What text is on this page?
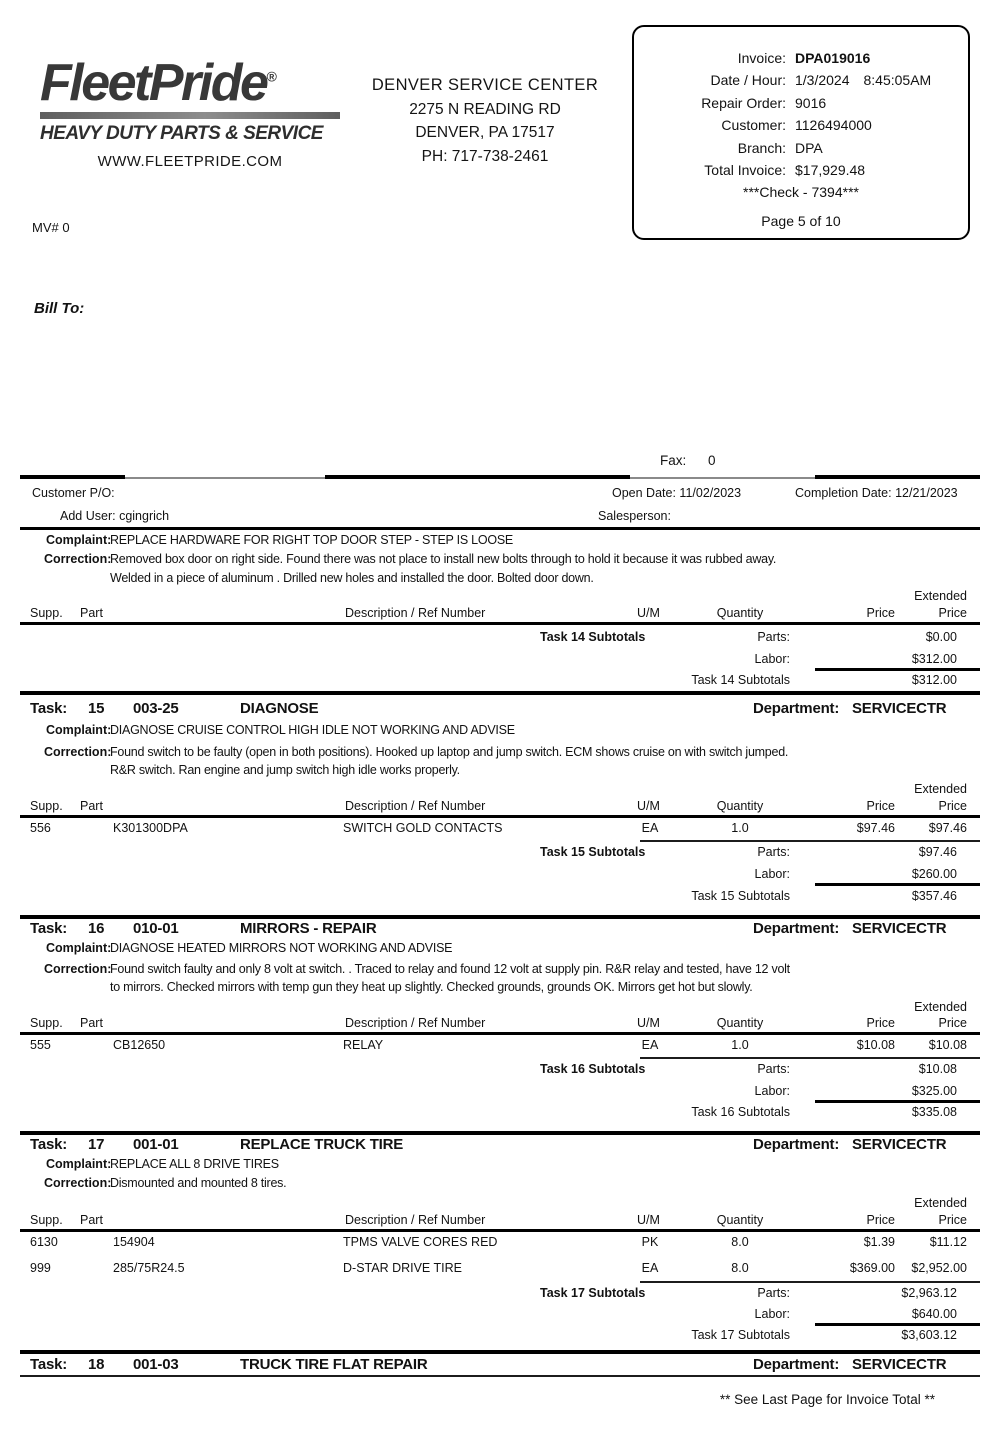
FleetPride®
HEAVY DUTY PARTS & SERVICE
WWW.FLEETPRIDE.COM
DENVER SERVICE CENTER
2275 N READING RD
DENVER, PA 17517
PH: 717-738-2461
Invoice: DPA019016
Date / Hour: 1/3/2024	8:45:05AM
Repair Order: 9016
Customer: 1126494000
Branch: DPA
Total Invoice: $17,929.48
***Check - 7394***
Page 5 of 10
MV# 0
Bill To:
Fax: 0
Customer P/O:	Open Date: 11/02/2023	Completion Date: 12/21/2023
Add User: cgingrich	Salesperson:
Complaint:
REPLACE HARDWARE FOR RIGHT TOP DOOR STEP - STEP IS LOOSE
Correction:
Removed box door on right side. Found there was not place to install new bolts through to hold it because it was rubbed away.
Welded in a piece of aluminum . Drilled new holes and installed the door. Bolted door down.
Extended
Supp. Part	Description / Ref Number	U/M	Quantity	Price	Price
Task 14 Subtotals	Parts:	$0.00
Labor:	$312.00
Task 14 Subtotals	$312.00
Task: 15 003-25	DIAGNOSE	Department: SERVICECTR
Complaint:
DIAGNOSE CRUISE CONTROL HIGH IDLE NOT WORKING AND ADVISE
Correction:
Found switch to be faulty (open in both positions). Hooked up laptop and jump switch. ECM shows cruise on with switch jumped.
R&R switch. Ran engine and jump switch high idle works properly.
Extended
Supp. Part	Description / Ref Number	U/M	Quantity	Price	Price
556	K301300DPA	SWITCH GOLD CONTACTS	EA	1.0	$97.46	$97.46
Task 15 Subtotals	Parts:	$97.46
Labor:	$260.00
Task 15 Subtotals	$357.46
Task: 16 010-01	MIRRORS - REPAIR	Department: SERVICECTR
Complaint:
DIAGNOSE HEATED MIRRORS NOT WORKING AND ADVISE
Correction:
Found switch faulty and only 8 volt at switch. . Traced to relay and found 12 volt at supply pin. R&R relay and tested, have 12 volt
to mirrors. Checked mirrors with temp gun they heat up slightly. Checked grounds, grounds OK. Mirrors get hot but slowly.
Extended
Supp. Part	Description / Ref Number	U/M	Quantity	Price	Price
555	CB12650	RELAY	EA	1.0	$10.08	$10.08
Task 16 Subtotals	Parts:	$10.08
Labor:	$325.00
Task 16 Subtotals	$335.08
Task: 17 001-01	REPLACE TRUCK TIRE	Department: SERVICECTR
Complaint:
REPLACE ALL 8 DRIVE TIRES
Correction:
Dismounted and mounted 8 tires.
Extended
Supp. Part	Description / Ref Number	U/M	Quantity	Price	Price
6130	154904	TPMS VALVE CORES RED	PK	8.0	$1.39	$11.12
999	285/75R24.5	D-STAR DRIVE TIRE	EA	8.0	$369.00	$2,952.00
Task 17 Subtotals	Parts:	$2,963.12
Labor:	$640.00
Task 17 Subtotals	$3,603.12
Task: 18 001-03	TRUCK TIRE FLAT REPAIR	Department: SERVICECTR
** See Last Page for Invoice Total **
